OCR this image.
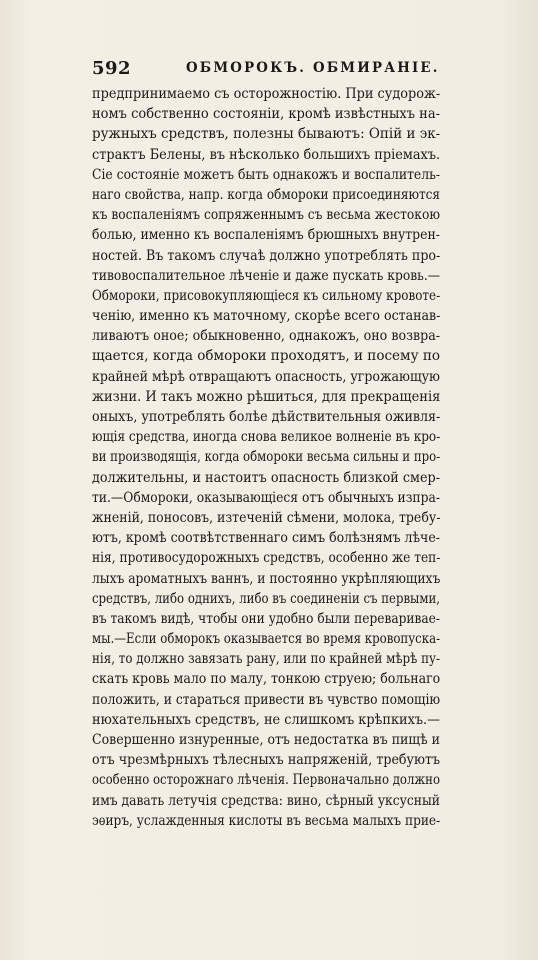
592	ОБМОРОКЪ. ОБМИРАНІЕ.
предпринимаемо съ осторожностію. При судорож-
номъ собственно состояніи, кромѣ извѣстныхъ на-
ружныхъ средствъ, полезны бываютъ: Опій и эк-
страктъ Белены, въ нѣсколько большихъ пріемахъ.
Сіе состояніе можетъ быть однакожъ и воспалитель-
наго свойства, напр. когда обмороки присоединяются
къ воспаленіямъ сопряженнымъ съ весьма жестокою
болью, именно къ воспаленіямъ брюшныхъ внутрен-
ностей. Въ такомъ случаѣ должно употреблять про-
тивовоспалительное лѣченіе и даже пускать кровь.—
Обмороки, присовокупляющіеся къ сильному кровоте-
ченію, именно къ маточному, скорѣе всего останав-
ливаютъ оное; обыкновенно, однакожъ, оно возвра-
щается, когда обмороки проходятъ, и посему по
крайней мѣрѣ отвращаютъ опасность, угрожающую
жизни. И такъ можно рѣшиться, для прекращенія
оныхъ, употреблять болѣе дѣйствительныя оживля-
ющія средства, иногда снова великое волненіе въ кро-
ви производящія, когда обмороки весьма сильны и про-
должительны, и настоитъ опасность близкой смер-
ти.—Обмороки, оказывающіеся отъ обычныхъ изпра-
жненій, поносовъ, изтеченій сѣмени, молока, требу-
ютъ, кромѣ соотвѣтственнаго симъ болѣзнямъ лѣче-
нія, противосудорожныхъ средствъ, особенно же теп-
лыхъ ароматныхъ ваннъ, и постоянно укрѣпляющихъ
средствъ, либо одниxъ, либо въ соединеніи съ первыми,
въ такомъ видѣ, чтобы они удобно были переваривае-
мы.—Если обморокъ оказывается во время кровопуска-
нія, то должно завязать рану, или по крайней мѣрѣ пу-
скать кровь мало по малу, тонкою струею; больнаго
положить, и стараться привести въ чувство помощію
нюхательныхъ средствъ, не слишкомъ крѣпкихъ.—
Совершенно изнуренные, отъ недостатка въ пищѣ и
отъ чрезмѣрныхъ тѣлесныхъ напряженій, требуютъ
особенно осторожнаго лѣченія. Первоначально должно
имъ давать летучія средства: вино, сѣрный уксусный
эѳиръ, услажденныя кислоты въ весьма малыхъ прие-
